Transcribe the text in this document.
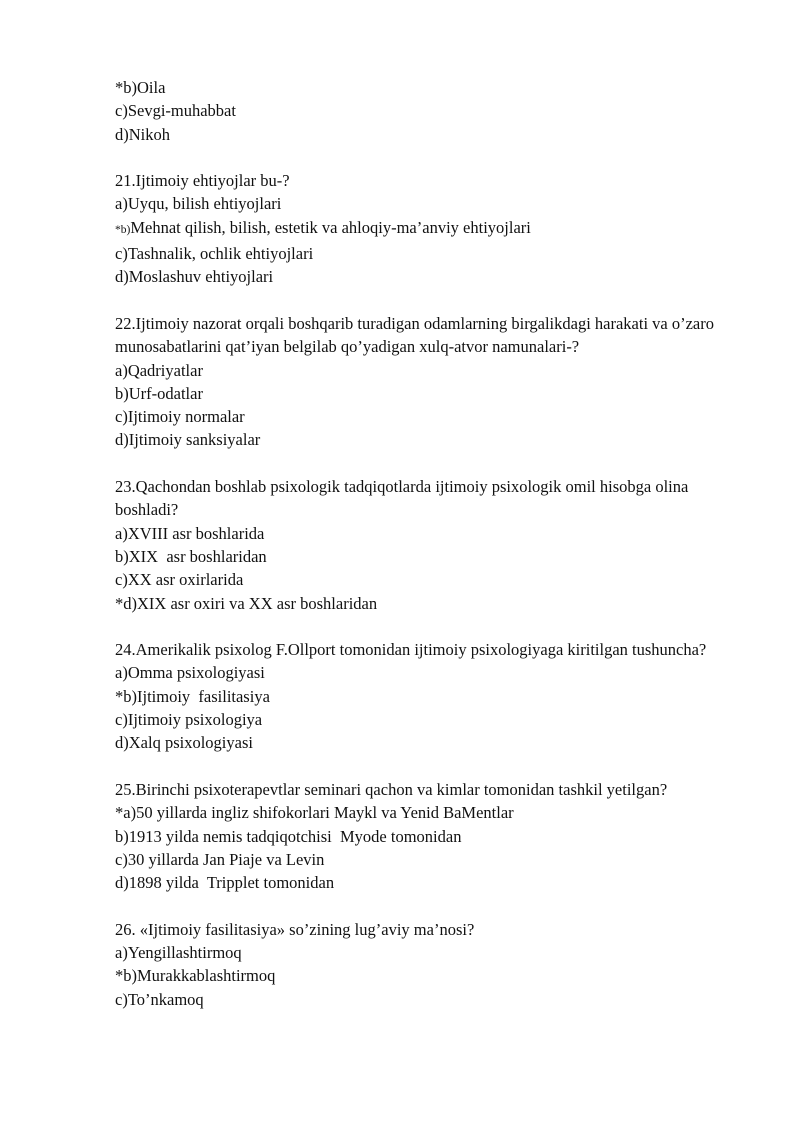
*b)Oila
c)Sevgi-muhabbat
d)Nikoh
21.Ijtimoiy ehtiyojlar bu-?
a)Uyqu, bilish ehtiyojlari
*b)Mehnat qilish, bilish, estetik va ahloqiy-ma’anviy ehtiyojlari
c)Tashnalik, ochlik ehtiyojlari
d)Moslashuv ehtiyojlari
22.Ijtimoiy nazorat orqali boshqarib turadigan odamlarning birgalikdagi harakati va o’zaro munosabatlarini qat’iyan belgilab qo’yadigan xulq-atvor namunalari-?
a)Qadriyatlar
b)Urf-odatlar
c)Ijtimoiy normalar
d)Ijtimoiy sanksiyalar
23.Qachondan boshlab psixologik tadqiqotlarda ijtimoiy psixologik omil hisobga olina boshladi?
a)XVIII asr boshlarida
b)XIX  asr boshlaridan
c)XX asr oxirlarida
*d)XIX asr oxiri va XX asr boshlaridan
24.Amerikalik psixolog F.Ollport tomonidan ijtimoiy psixologiyaga kiritilgan tushuncha?
a)Omma psixologiyasi
*b)Ijtimoiy  fasilitasiya
c)Ijtimoiy psixologiya
d)Xalq psixologiyasi
25.Birinchi psixoterapevtlar seminari qachon va kimlar tomonidan tashkil yetilgan?
*a)50 yillarda ingliz shifokorlari Maykl va Yenid BaMentlar
b)1913 yilda nemis tadqiqotchisi  Myode tomonidan
c)30 yillarda Jan Piaje va Levin
d)1898 yilda  Tripplet tomonidan
26. «Ijtimoiy fasilitasiya» so’zining lug’aviy ma’nosi?
a)Yengillashtirmoq
*b)Murakkablashtirmoq
c)To’nkamoq
